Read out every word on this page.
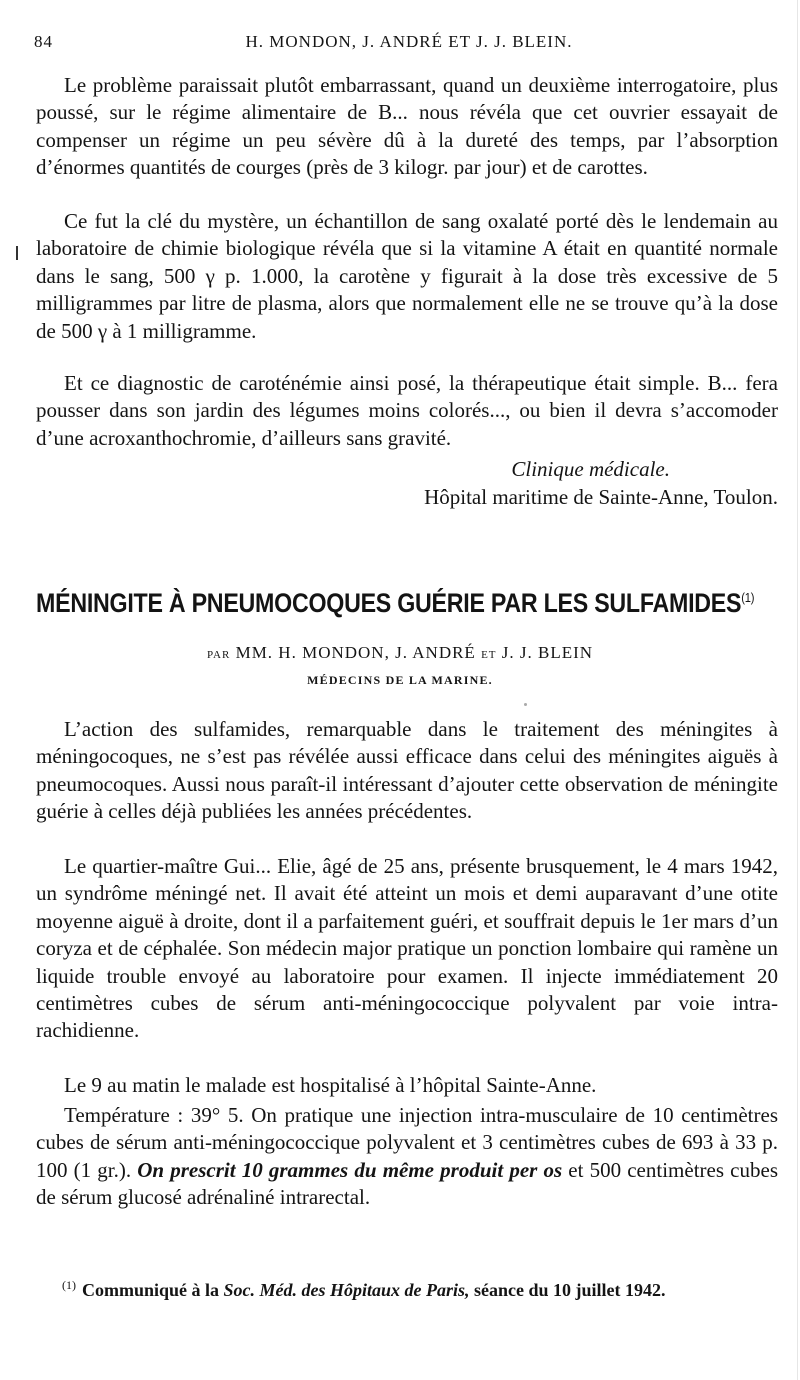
84	H. MONDON, J. ANDRÉ ET J. J. BLEIN.

Le problème paraissait plutôt embarrassant, quand un deuxième interrogatoire, plus poussé, sur le régime alimentaire de B... nous révéla que cet ouvrier essayait de compenser un régime un peu sévère dû à la dureté des temps, par l’absorption d’énormes quantités de courges (près de 3 kilogr. par jour) et de carottes.

Ce fut la clé du mystère, un échantillon de sang oxalaté porté dès le lendemain au laboratoire de chimie biologique révéla que si la vitamine A était en quantité normale dans le sang, 500 γ p. 1.000, la carotène y figurait à la dose très excessive de 5 milligrammes par litre de plasma, alors que normalement elle ne se trouve qu’à la dose de 500 γ à 1 milligramme.

Et ce diagnostic de caroténémie ainsi posé, la thérapeutique était simple. B... fera pousser dans son jardin des légumes moins colorés..., ou bien il devra s’accomoder d’une acroxanthochromie, d’ailleurs sans gravité.

Clinique médicale.
Hôpital maritime de Sainte-Anne, Toulon.
MÉNINGITE À PNEUMOCOQUES GUÉRIE PAR LES SULFAMIDES$^{(1)}$
PAR MM. H. MONDON, J. ANDRÉ ET J. J. BLEIN
MÉDECINS DE LA MARINE.

L’action des sulfamides, remarquable dans le traitement des méningites à méningocoques, ne s’est pas révélée aussi efficace dans celui des méningites aiguës à pneumocoques. Aussi nous paraît-il intéressant d’ajouter cette observation de méningite guérie à celles déjà publiées les années précédentes.

Le quartier-maître Gui... Elie, âgé de 25 ans, présente brusquement, le 4 mars 1942, un syndrôme méningé net. Il avait été atteint un mois et demi auparavant d’une otite moyenne aiguë à droite, dont il a parfaitement guéri, et souffrait depuis le 1er mars d’un coryza et de céphalée. Son médecin major pratique un ponction lombaire qui ramène un liquide trouble envoyé au laboratoire pour examen. Il injecte immédiatement 20 centimètres cubes de sérum anti-méningococcique polyvalent par voie intra-rachidienne.

Le 9 au matin le malade est hospitalisé à l’hôpital Sainte-Anne.

Température : 39° 5. On pratique une injection intra-musculaire de 10 centimètres cubes de sérum anti-méningococcique polyvalent et 3 centimètres cubes de 693 à 33 p. 100 (1 gr.). On prescrit 10 grammes du même produit per os et 500 centimètres cubes de sérum glucosé adrénaliné intrarectal.

$^{(1)}$ Communiqué à la Soc. Méd. des Hôpitaux de Paris, séance du 10 juillet 1942.
